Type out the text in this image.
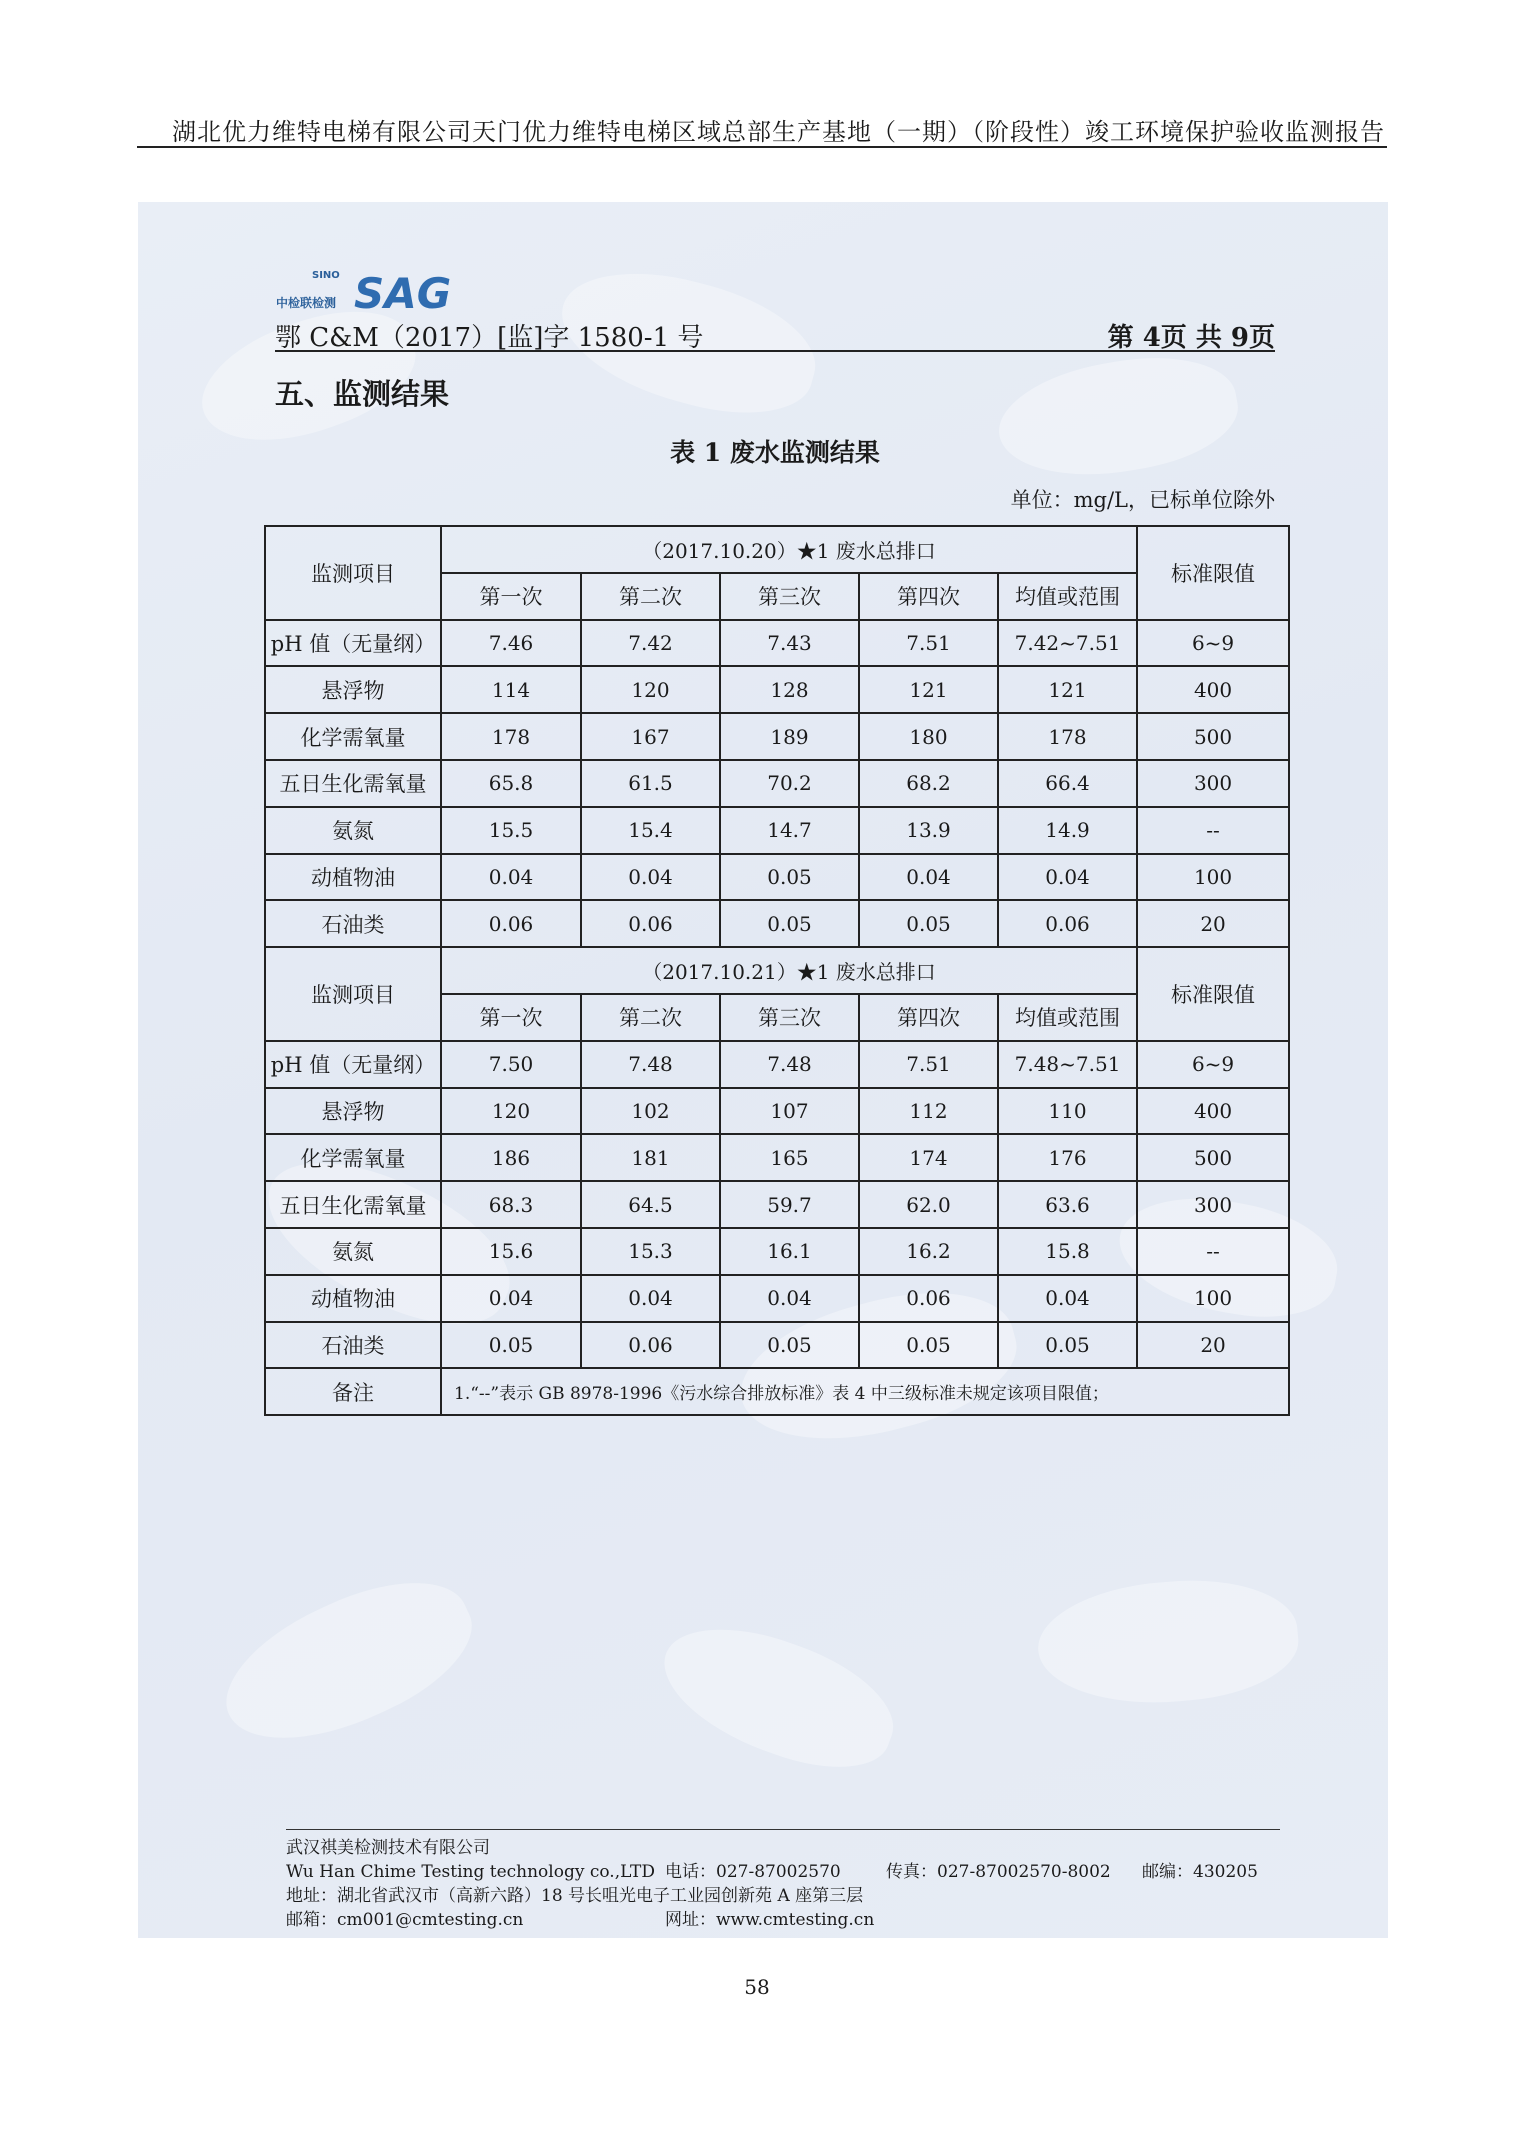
湖北优力维特电梯有限公司天门优力维特电梯区域总部生产基地（一期）（阶段性）竣工环境保护验收监测报告
SINO
中检联检测 SAG
鄂 C&M（2017）[监]字 1580-1 号	第 4页 共 9页
五、监测结果
表 1 废水监测结果
单位：mg/L，已标单位除外
监测项目	（2017.10.20）★1 废水总排口					标准限值
	第一次	第二次	第三次	第四次	均值或范围	
pH 值（无量纲）	7.46	7.42	7.43	7.51	7.42~7.51	6~9
悬浮物	114	120	128	121	121	400
化学需氧量	178	167	189	180	178	500
五日生化需氧量	65.8	61.5	70.2	68.2	66.4	300
氨氮	15.5	15.4	14.7	13.9	14.9	--
动植物油	0.04	0.04	0.05	0.04	0.04	100
石油类	0.06	0.06	0.05	0.05	0.06	20
监测项目	（2017.10.21）★1 废水总排口					标准限值
	第一次	第二次	第三次	第四次	均值或范围	
pH 值（无量纲）	7.50	7.48	7.48	7.51	7.48~7.51	6~9
悬浮物	120	102	107	112	110	400
化学需氧量	186	181	165	174	176	500
五日生化需氧量	68.3	64.5	59.7	62.0	63.6	300
氨氮	15.6	15.3	16.1	16.2	15.8	--
动植物油	0.04	0.04	0.04	0.06	0.04	100
石油类	0.05	0.06	0.05	0.05	0.05	20
备注	1.“--”表示 GB 8978-1996《污水综合排放标准》表 4 中三级标准未规定该项目限值；					
武汉祺美检测技术有限公司
Wu Han Chime Testing technology co.,LTD 电话：027-87002570	传真：027-87002570-8002 邮编：430205
地址：湖北省武汉市（高新六路）18 号长咀光电子工业园创新苑 A 座第三层
邮箱：cm001@cmtesting.cn	网址：www.cmtesting.cn
58
